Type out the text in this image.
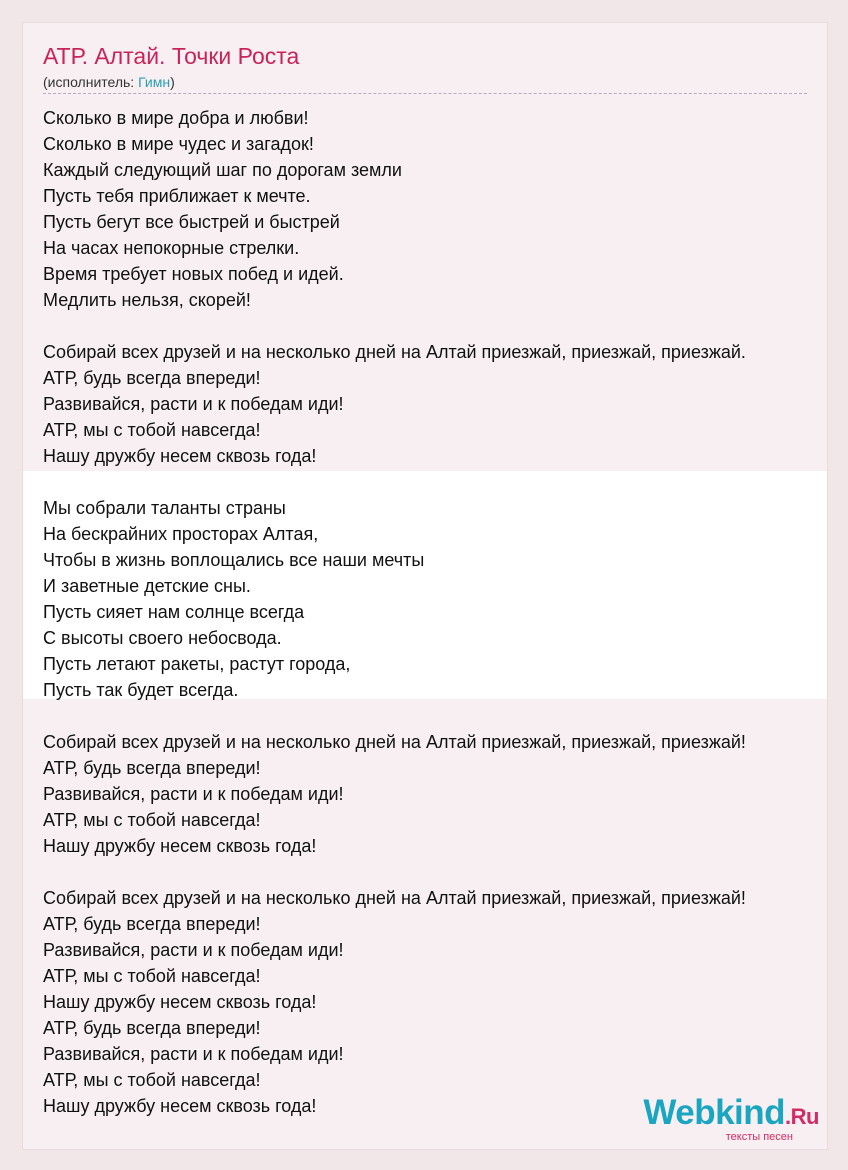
АТР. Алтай. Точки Роста
(исполнитель: Гимн)
Сколько в мире добра и любви!
Сколько в мире чудес и загадок!
Каждый следующий шаг по дорогам земли
Пусть тебя приближает к мечте.
Пусть бегут все быстрей и быстрей
На часах непокорные стрелки.
Время требует новых побед и идей.
Медлить нельзя, скорей!
Собирай всех друзей и на несколько дней на Алтай приезжай, приезжай, приезжай.
АТР, будь всегда впереди!
Развивайся, расти и к победам иди!
АТР, мы с тобой навсегда!
Нашу дружбу несем сквозь года!
Мы собрали таланты страны
На бескрайних просторах Алтая,
Чтобы в жизнь воплощались все наши мечты
И заветные детские сны.
Пусть сияет нам солнце всегда
С высоты своего небосвода.
Пусть летают ракеты, растут города,
Пусть так будет всегда.
Собирай всех друзей и на несколько дней на Алтай приезжай, приезжай, приезжай!
АТР, будь всегда впереди!
Развивайся, расти и к победам иди!
АТР, мы с тобой навсегда!
Нашу дружбу несем сквозь года!
Собирай всех друзей и на несколько дней на Алтай приезжай, приезжай, приезжай!
АТР, будь всегда впереди!
Развивайся, расти и к победам иди!
АТР, мы с тобой навсегда!
Нашу дружбу несем сквозь года!
АТР, будь всегда впереди!
Развивайся, расти и к победам иди!
АТР, мы с тобой навсегда!
Нашу дружбу несем сквозь года!	Webkind.Ru
тексты песен
